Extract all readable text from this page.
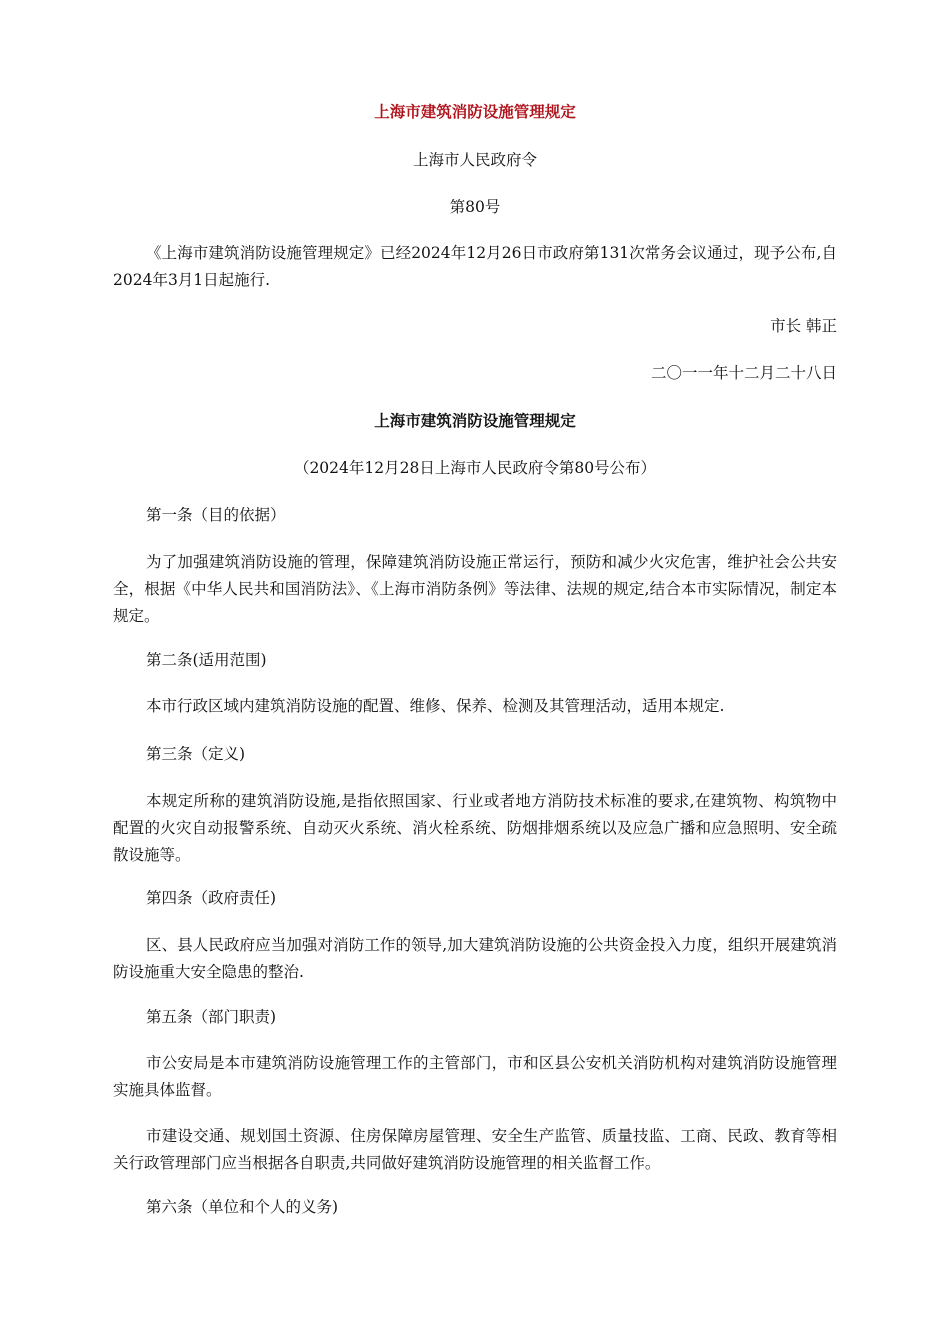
上海市建筑消防设施管理规定
上海市人民政府令
第80号
《上海市建筑消防设施管理规定》已经2024年12月26日市政府第131次常务会议通过，现予公布,自2024年3月1日起施行.
市长 韩正
二〇一一年十二月二十八日
上海市建筑消防设施管理规定
（2024年12月28日上海市人民政府令第80号公布）
第一条（目的依据）
为了加强建筑消防设施的管理，保障建筑消防设施正常运行，预防和减少火灾危害，维护社会公共安全，根据《中华人民共和国消防法》、《上海市消防条例》等法律、法规的规定,结合本市实际情况，制定本规定。
第二条(适用范围)
本市行政区域内建筑消防设施的配置、维修、保养、检测及其管理活动，适用本规定.
第三条（定义)
本规定所称的建筑消防设施,是指依照国家、行业或者地方消防技术标准的要求,在建筑物、构筑物中配置的火灾自动报警系统、自动灭火系统、消火栓系统、防烟排烟系统以及应急广播和应急照明、安全疏散设施等。
第四条（政府责任)
区、县人民政府应当加强对消防工作的领导,加大建筑消防设施的公共资金投入力度，组织开展建筑消防设施重大安全隐患的整治.
第五条（部门职责)
市公安局是本市建筑消防设施管理工作的主管部门，市和区县公安机关消防机构对建筑消防设施管理实施具体监督。
市建设交通、规划国土资源、住房保障房屋管理、安全生产监管、质量技监、工商、民政、教育等相关行政管理部门应当根据各自职责,共同做好建筑消防设施管理的相关监督工作。
第六条（单位和个人的义务)
